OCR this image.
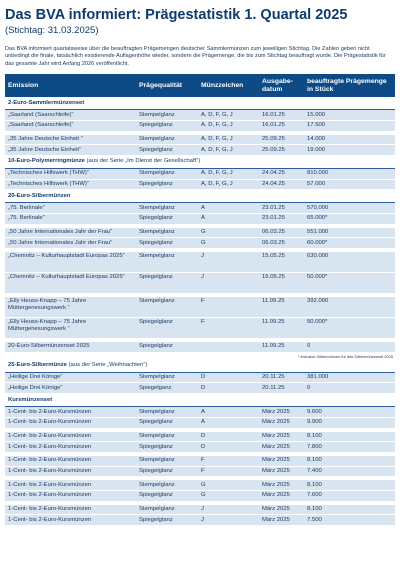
Das BVA informiert: Prägestatistik 1. Quartal 2025
(Stichtag: 31.03.2025)
Das BVA informiert quartalsweise über die beauftragten Prägemengen deutscher Sammlermünzen zum jeweiligen Stichtag. Die Zahlen geben nicht unbedingt die finale, tatsächlich existierende Auflagenhöhe wieder, sondern die Prägemenge, die bis zum Stichtag beauftragt wurde. Die Prägestatistik für das gesamte Jahr wird Anfang 2026 veröffentlicht.
Emission	Prägequalität	Münzzeichen	Ausgabe-datum	beauftragte Prägemenge in Stück
2-Euro-Sammlermünzenset				
„Saarland (Saarschleife)“	Stempelglanz	A, D, F, G, J	16.01.25	15.000
„Saarland (Saarschleife)“	Spiegelglanz	A, D, F, G, J	16.01.25	17.500

„35 Jahre Deutsche Einheit “	Stempelglanz	A, D, F, G, J	25.09.25	14.000
„35 Jahre Deutsche Einheit“	Spiegelglanz	A, D, F, G, J	25.09.25	19.000
10-Euro-Polymerringmünze (aus der Serie „Im Dienst der Gesellschaft“)				
„Technisches Hilfswerk (THW)“	Stempelglanz	A, D, F, G, J	24.04.25	810.000
„Technisches Hilfswerk (THW)“	Spiegelglanz	A, D, F, G, J	24.04.25	57.000
20-Euro-Silbermünzen				
„75. Berlinale“	Stempelglanz	A	23.01.25	570.000
„75. Berlinale“	Spiegelglanz	A	23.01.25	65.000*

„50 Jahre Internationales Jahr der Frau“	Stempelglanz	G	06.03.25	551.000
„50 Jahre Internationales Jahr der Frau“	Spiegelglanz	G	06.03.25	60.000*

„Chemnitz – Kulturhauptstadt Europas 2025“	Stempelglanz	J	15.05.25	630.000
„Chemnitz – Kulturhauptstadt Europas 2025“	Spiegelglanz	J	15.05.25	50.000*

„Elly Heuss-Knapp – 75 Jahre Müttergenesungswerk “	Stempelglanz	F	11.09.25	392.000
„Elly Heuss-Knapp – 75 Jahre Müttergenesungswerk “	Spiegelglanz	F	11.09.25	50.000*

20-Euro-Silbermünzenset 2025	Spiegelglanz		11.09.25	0
* inklusive Silbermünzen für das Silbermünzenset 2025				
25-Euro-Silbermünze (aus der Serie „Weihnachten“)				
„Heilige Drei Könige“	Stempelglanz	D	20.11.25	381.000
„Heilige Drei Könige“	Spiegelganz	D	20.11.25	0
Kursmünzenset				
1-Cent- bis 2-Euro-Kursmünzen	Stempelglanz	A	März 2025	9.600
1-Cent- bis 2-Euro-Kursmünzen	Spiegelglanz	A	März 2025	9.900

1-Cent- bis 2-Euro-Kursmünzen	Stempelglanz	D	März 2025	8.100
1-Cent- bis 2-Euro-Kursmünzen	Spiegelglanz	D	März 2025	7.800

1-Cent- bis 2-Euro-Kursmünzen	Stempelglanz	F	März 2025	8.100
1-Cent- bis 2-Euro-Kursmünzen	Spiegelglanz	F	März 2025	7.400

1-Cent- bis 2-Euro-Kursmünzen	Stempelglanz	G	März 2025	8.100
1-Cent- bis 2-Euro-Kursmünzen	Spiegelglanz	G	März 2025	7.600

1-Cent- bis 2-Euro-Kursmünzen	Stempelglanz	J	März 2025	8.100
1-Cent- bis 2-Euro-Kursmünzen	Spiegelglanz	J	März 2025	7.500
